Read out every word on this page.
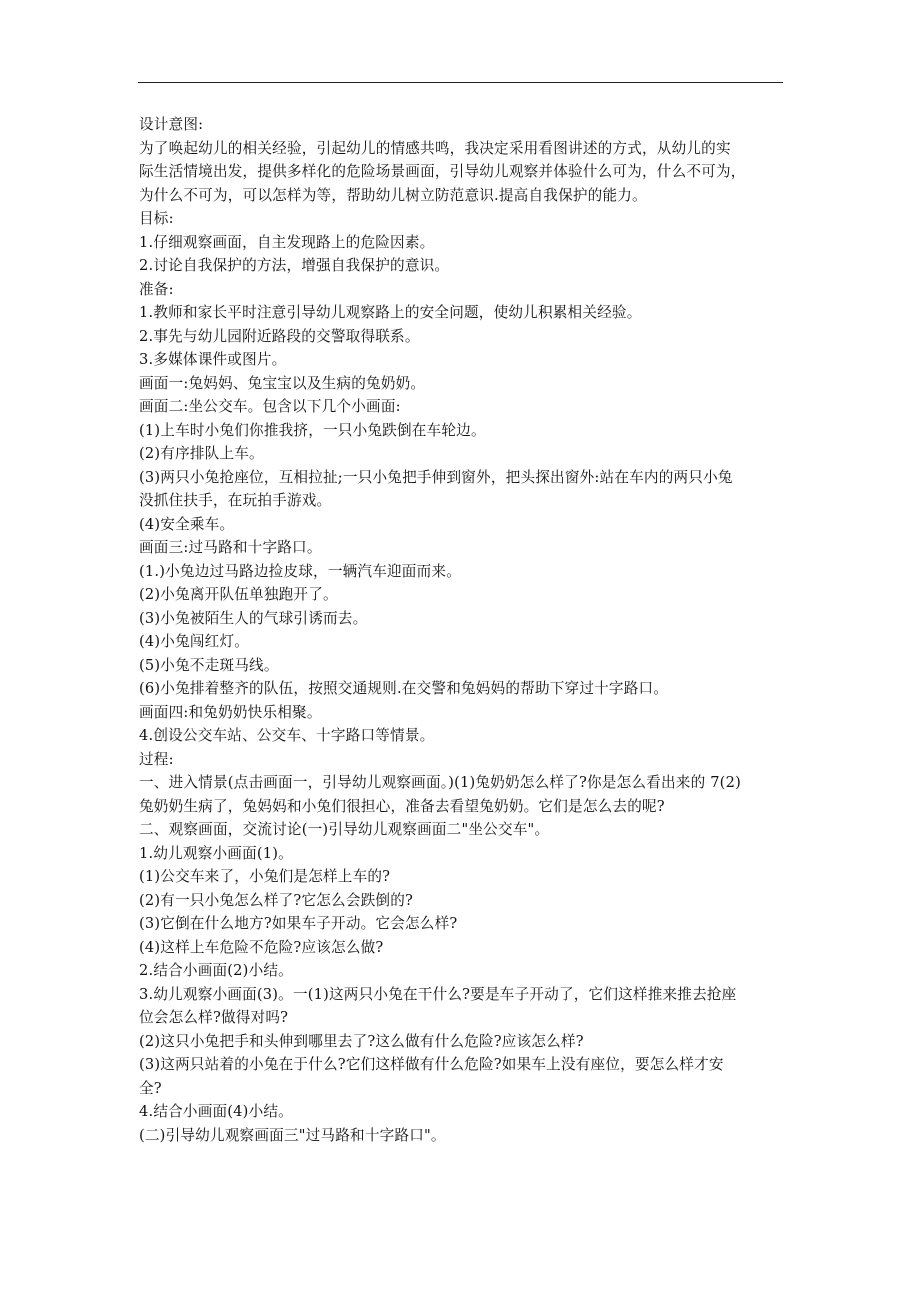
设计意图:
为了唤起幼儿的相关经验，引起幼儿的情感共鸣，我决定采用看图讲述的方式，从幼儿的实
际生活情境出发，提供多样化的危险场景画面，引导幼儿观察并体验什么可为，什么不可为，
为什么不可为，可以怎样为等，帮助幼儿树立防范意识.提高自我保护的能力。
目标:
1.仔细观察画面，自主发现路上的危险因素。
2.讨论自我保护的方法，增强自我保护的意识。
准备:
1.教师和家长平时注意引导幼儿观察路上的安全问题，使幼儿积累相关经验。
2.事先与幼儿园附近路段的交警取得联系。
3.多媒体课件或图片。
画面一:兔妈妈、兔宝宝以及生病的兔奶奶。
画面二:坐公交车。包含以下几个小画面:
(1)上车时小兔们你推我挤，一只小兔跌倒在车轮边。
(2)有序排队上车。
(3)两只小兔抢座位，互相拉扯;一只小兔把手伸到窗外，把头探出窗外:站在车内的两只小兔
没抓住扶手，在玩拍手游戏。
(4)安全乘车。
画面三:过马路和十字路口。
(1.)小兔边过马路边捡皮球，一辆汽车迎面而来。
(2)小兔离开队伍单独跑开了。
(3)小兔被陌生人的气球引诱而去。
(4)小兔闯红灯。
(5)小兔不走斑马线。
(6)小兔排着整齐的队伍，按照交通规则.在交警和兔妈妈的帮助下穿过十字路口。
画面四:和兔奶奶快乐相聚。
4.创设公交车站、公交车、十字路口等情景。
过程:
一、进入情景(点击画面一，引导幼儿观察画面。)(1)兔奶奶怎么样了?你是怎么看出来的 7(2)
兔奶奶生病了，兔妈妈和小兔们很担心，准备去看望兔奶奶。它们是怎么去的呢?
二、观察画面，交流讨论(一)引导幼儿观察画面二"坐公交车"。
1.幼儿观察小画面(1)。
(1)公交车来了，小兔们是怎样上车的?
(2)有一只小兔怎么样了?它怎么会跌倒的?
(3)它倒在什么地方?如果车子开动。它会怎么样?
(4)这样上车危险不危险?应该怎么做?
2.结合小画面(2)小结。
3.幼儿观察小画面(3)。一(1)这两只小兔在干什么?要是车子开动了，它们这样推来推去抢座
位会怎么样?做得对吗?
(2)这只小兔把手和头伸到哪里去了?这么做有什么危险?应该怎么样?
(3)这两只站着的小兔在于什么?它们这样做有什么危险?如果车上没有座位，要怎么样才安
全?
4.结合小画面(4)小结。
(二)引导幼儿观察画面三"过马路和十字路口"。
